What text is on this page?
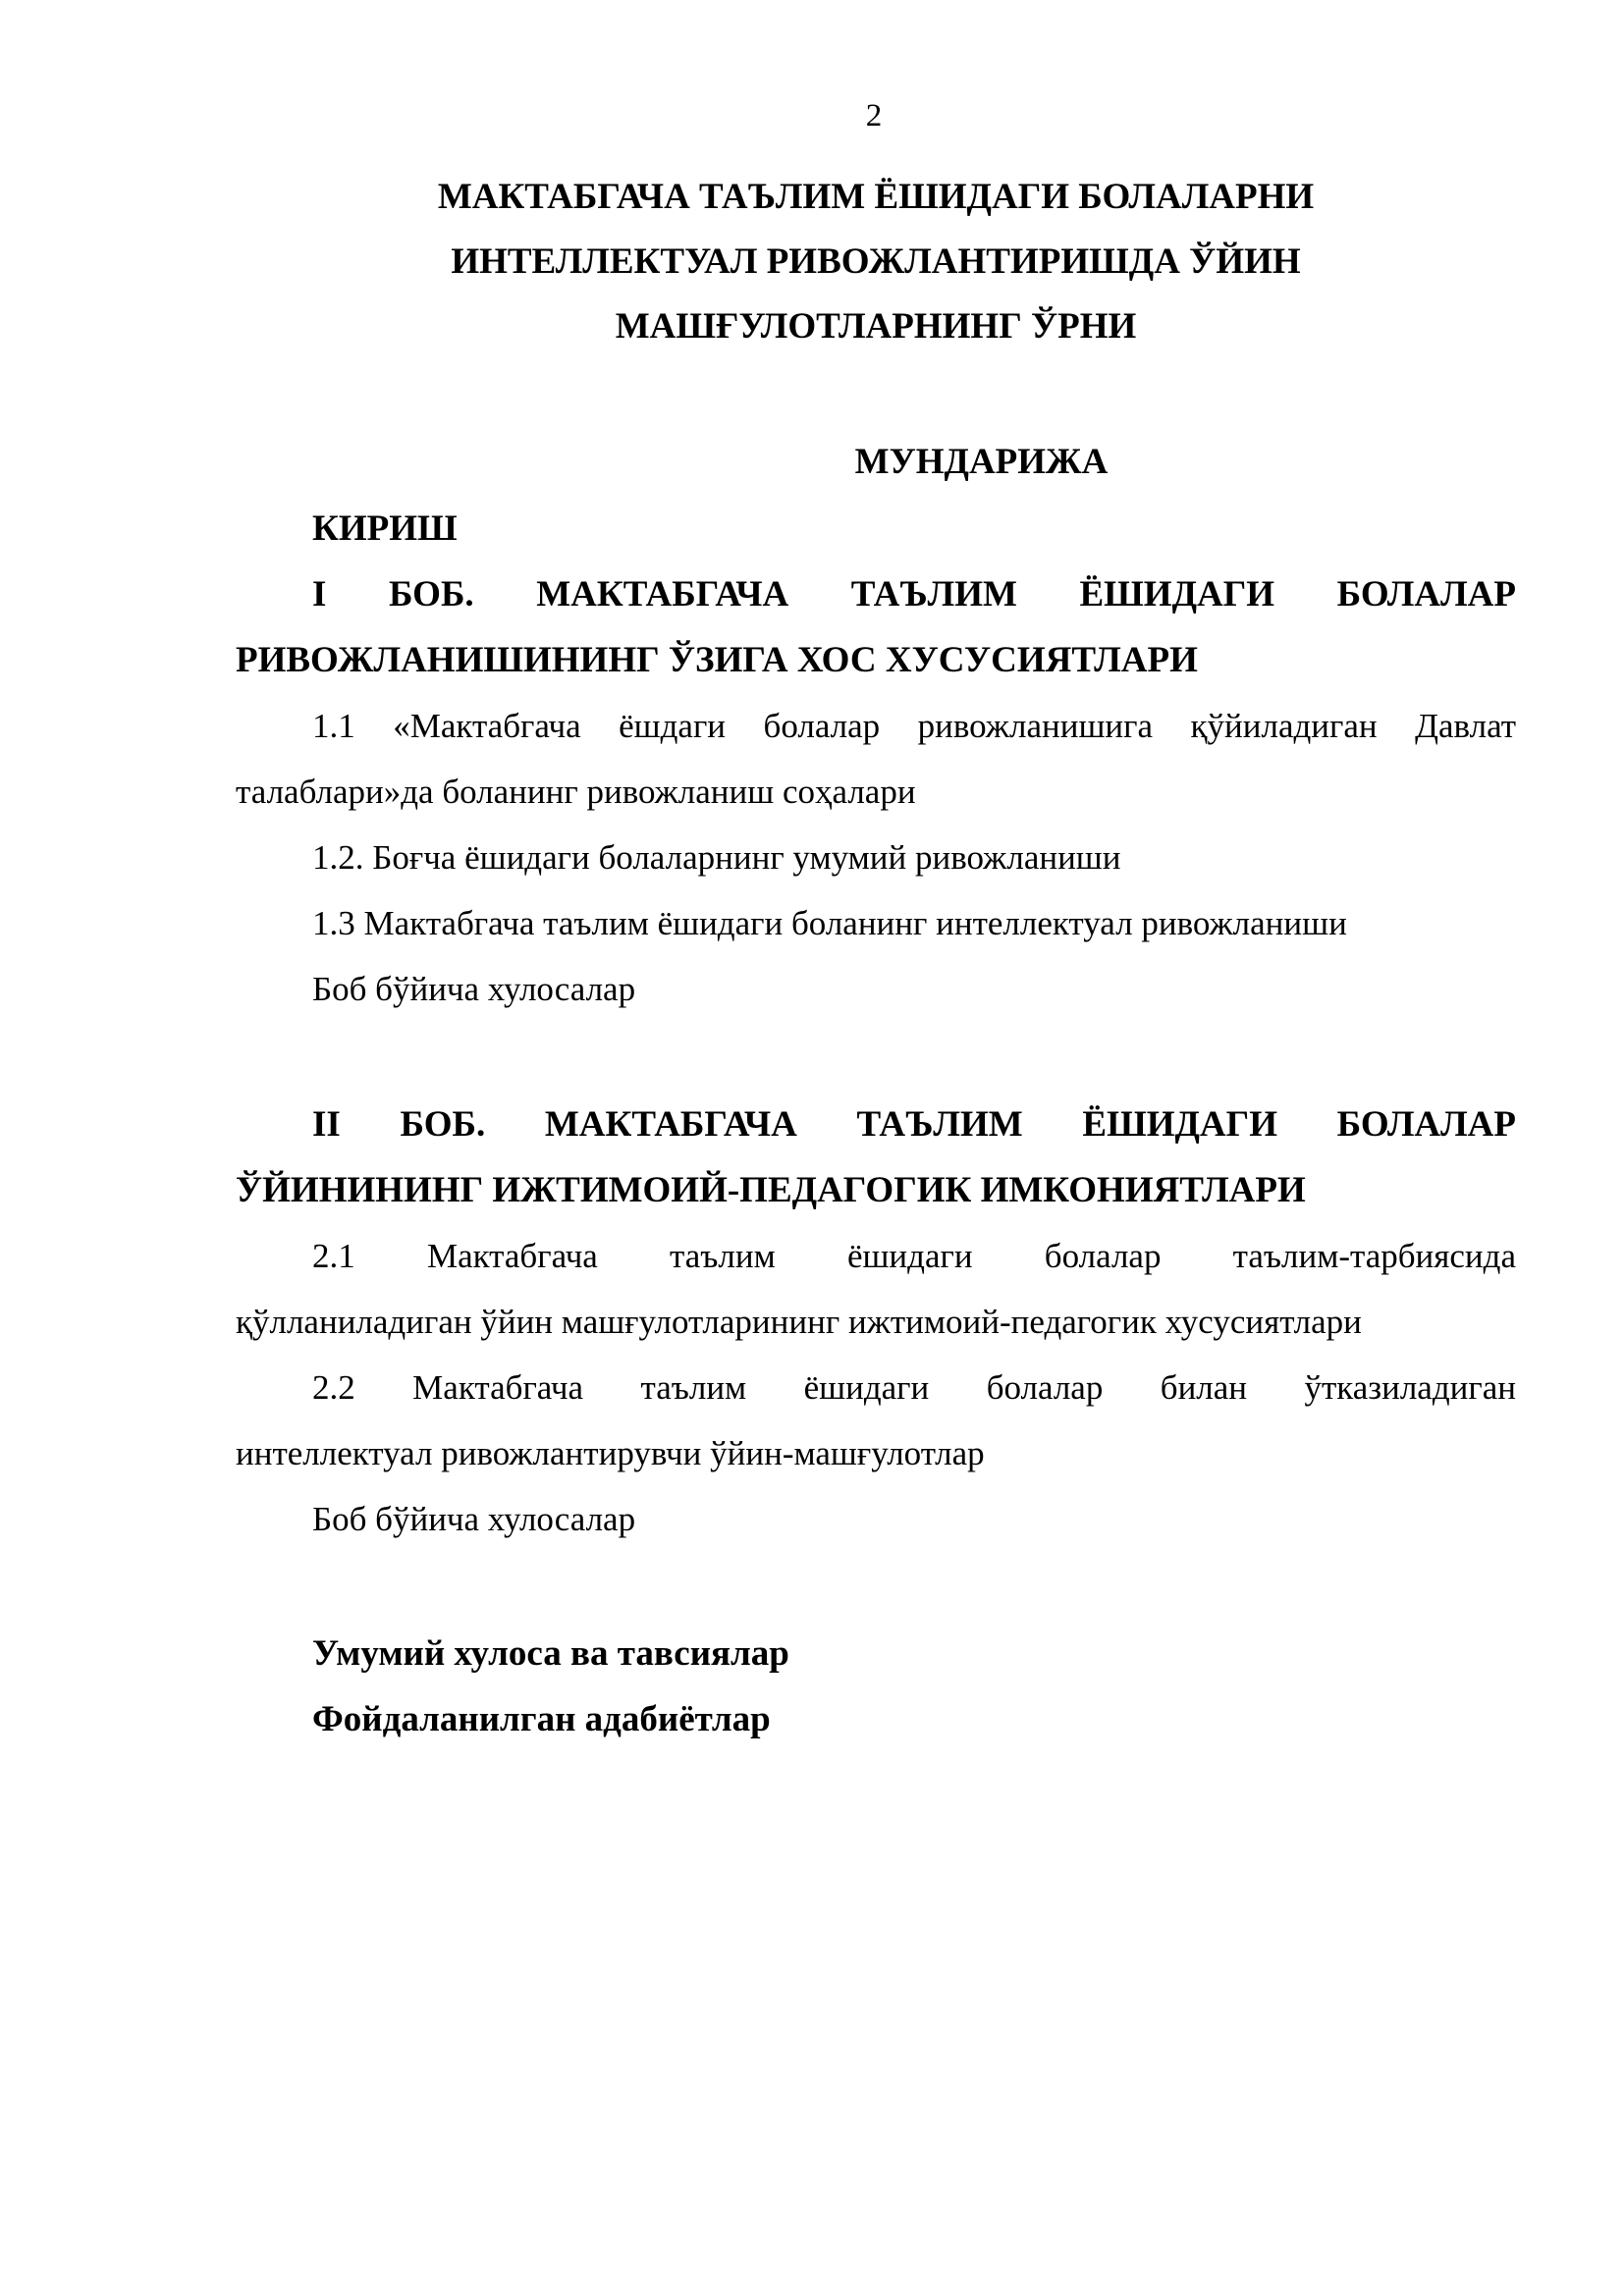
2
МАКТАБГАЧА ТАЪЛИМ ЁШИДАГИ БОЛАЛАРНИ
ИНТЕЛЛЕКТУАЛ РИВОЖЛАНТИРИШДА ЎЙИН
МАШҒУЛОТЛАРНИНГ ЎРНИ
МУНДАРИЖА
КИРИШ
I БОБ. МАКТАБГАЧА ТАЪЛИМ ЁШИДАГИ БОЛАЛАР
РИВОЖЛАНИШИНИНГ ЎЗИГА ХОС ХУСУСИЯТЛАРИ
1.1 «Мактабгача ёшдаги болалар ривожланишига қўйиладиган Давлат
талаблари»да боланинг ривожланиш соҳалари
1.2. Боғча ёшидаги болаларнинг умумий ривожланиши
1.3 Мактабгача таълим ёшидаги боланинг интеллектуал ривожланиши
Боб бўйича хулосалар
II БОБ. МАКТАБГАЧА ТАЪЛИМ ЁШИДАГИ БОЛАЛАР
ЎЙИНИНИНГ ИЖТИМОИЙ-ПЕДАГОГИК ИМКОНИЯТЛАРИ
2.1 Мактабгача таълим ёшидаги болалар таълим-тарбиясида
қўлланиладиган ўйин машғулотларининг ижтимоий-педагогик хусусиятлари
2.2 Мактабгача таълим ёшидаги болалар билан ўтказиладиган
интеллектуал ривожлантирувчи ўйин-машғулотлар
Боб бўйича хулосалар
Умумий хулоса ва тавсиялар
Фойдаланилган адабиётлар
